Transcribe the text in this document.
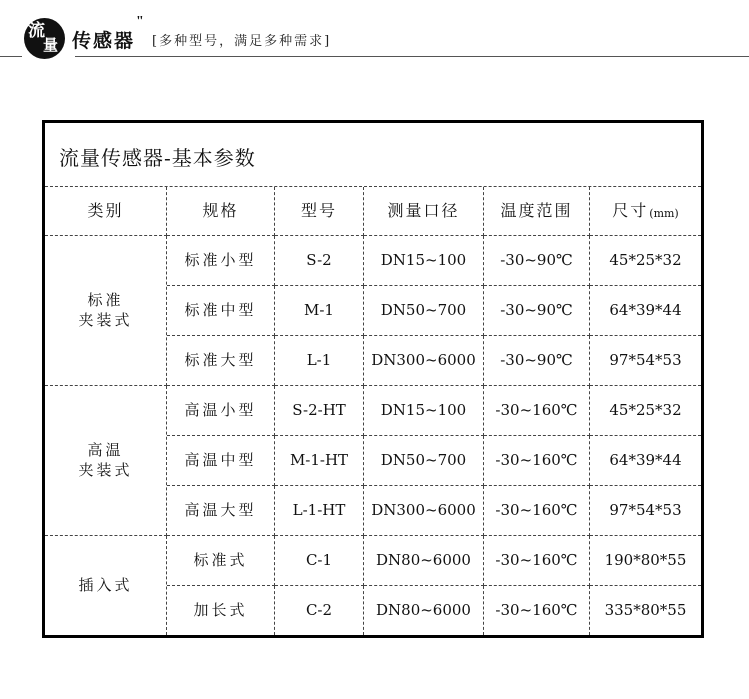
流
量 传感器
"
[多种型号，满足多种需求]
流量传感器-基本参数
类别	规格	型号	测量口径	温度范围	尺寸 (mm)
标准
夹装式
标准小型	S-2	DN15~100	-30~90℃	45*25*32
标准中型	M-1	DN50~700	-30~90℃	64*39*44
标准大型	L-1	DN300~6000	-30~90℃	97*54*53
高温
夹装式
高温小型	S-2-HT	DN15~100	-30~160℃	45*25*32
高温中型	M-1-HT	DN50~700	-30~160℃	64*39*44
高温大型	L-1-HT	DN300~6000	-30~160℃	97*54*53
插入式
标准式	C-1	DN80~6000	-30~160℃	190*80*55
加长式	C-2	DN80~6000	-30~160℃	335*80*55
